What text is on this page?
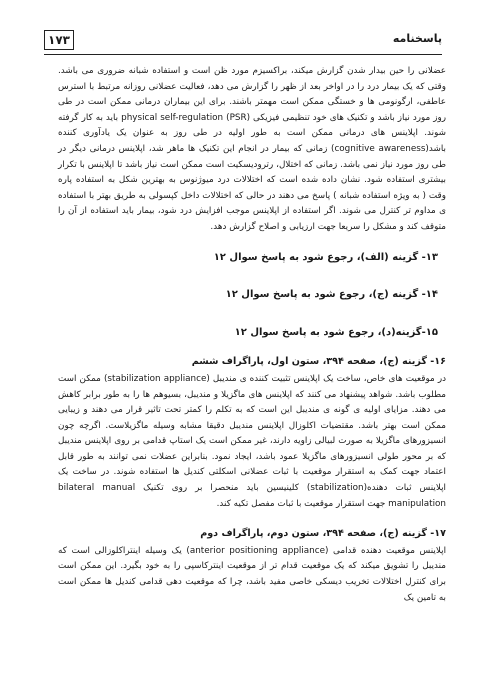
۱۷۳	پاسخنامه

عضلانی را حین بیدار شدن گزارش میکند، براکسیزم مورد ظن است و استفاده شبانه ضروری می باشد. وقتی که یک بیمار درد را در اواخر بعد از ظهر را گزارش می دهد، فعالیت عضلانی روزانه مرتبط با استرس عاطفی، ارگونومی ها و خستگی ممکن است مهمتر باشند. برای این بیماران درمانی ممکن است در طی روز مورد نیاز باشد و تکنیک های خود تنظیمی فیزیکی (physical self-regulation (PSR باید به کار گرفته شوند. اپلاینس های درمانی ممکن است به طور اولیه در طی روز به عنوان یک یادآوری کننده باشد(cognitive awareness) زمانی که بیمار در انجام این تکنیک ها ماهر شد، اپلاینس درمانی دیگر در طی روز مورد نیاز نمی باشد. زمانی که اختلال، رترودیسکیت است ممکن است نیاز باشد تا اپلاینس با تکرار بیشتری استفاده شود. نشان داده شده است که اختلالات درد میوژنوس به بهترین شکل به استفاده پاره وقت ( به ویژه استفاده شبانه ) پاسخ می دهند در حالی که اختلالات داخل کپسولی به طریق بهتر با استفاده ی مداوم تر کنترل می شوند. اگر استفاده از اپلاینس موجب افزایش درد شود، بیمار باید استفاده از آن را متوقف کند و مشکل را سریعا جهت ارزیابی و اصلاح گزارش دهد.

۱۳- گزینه (الف)، رجوع شود به پاسخ سوال ۱۲

۱۴- گزینه (ج)، رجوع شود به پاسخ سوال ۱۲

۱۵-گزینه(د)، رجوع شود به پاسخ سوال ۱۲

۱۶- گزینه (ج)، صفحه ۳۹۴، ستون اول، پاراگراف ششم

در موقعیت های خاص، ساخت یک اپلاینس تثبیت کننده ی مندیبل (stabilization appliance) ممکن است مطلوب باشد. شواهد پیشنهاد می کنند که اپلاینس های ماگزیلا و مندیبل، بسیوهم ها را به طور برابر کاهش می دهند. مزایای اولیه ی گونه ی مندیبل این است که به تکلم را کمتر تحت تاثیر قرار می دهند و زیبایی ممکن است بهتر باشد. مقتضیات اکلوزال اپلاینس مندیبل دقیقا مشابه وسیله ماگزیلاست. اگرچه چون انسیزورهای ماگزیلا به صورت لبیالی زاویه دارند، غیر ممکن است یک استاپ قدامی بر روی اپلاینس مندیبل که بر محور طولی انسیزورهای ماگزیلا عمود باشد، ایجاد نمود. بنابراین عضلات نمی توانند به طور قابل اعتماد جهت کمک به استقرار موقعیت با ثبات عضلانی اسکلتی کندیل ها استفاده شوند. در ساخت یک اپلاینس ثبات دهنده(stabilization) کلینیسین باید منحصرا بر روی تکنیک bilateral manual manipulation جهت استقرار موقعیت با ثبات مفصل تکیه کند.

۱۷- گزینه (ج)، صفحه ۳۹۴، ستون دوم، پاراگراف دوم

اپلاینس موقعیت دهنده قدامی (anterior positioning appliance) یک وسیله اینتراکلوزالی است که مندیبل را تشویق میکند که یک موقعیت قدام تر از موقعیت اینترکاسپی را به خود بگیرد. این ممکن است برای کنترل اختلالات تخریب دیسکی خاصی مفید باشد، چرا که موقعیت دهی قدامی کندیل ها ممکن است به تامین یک
